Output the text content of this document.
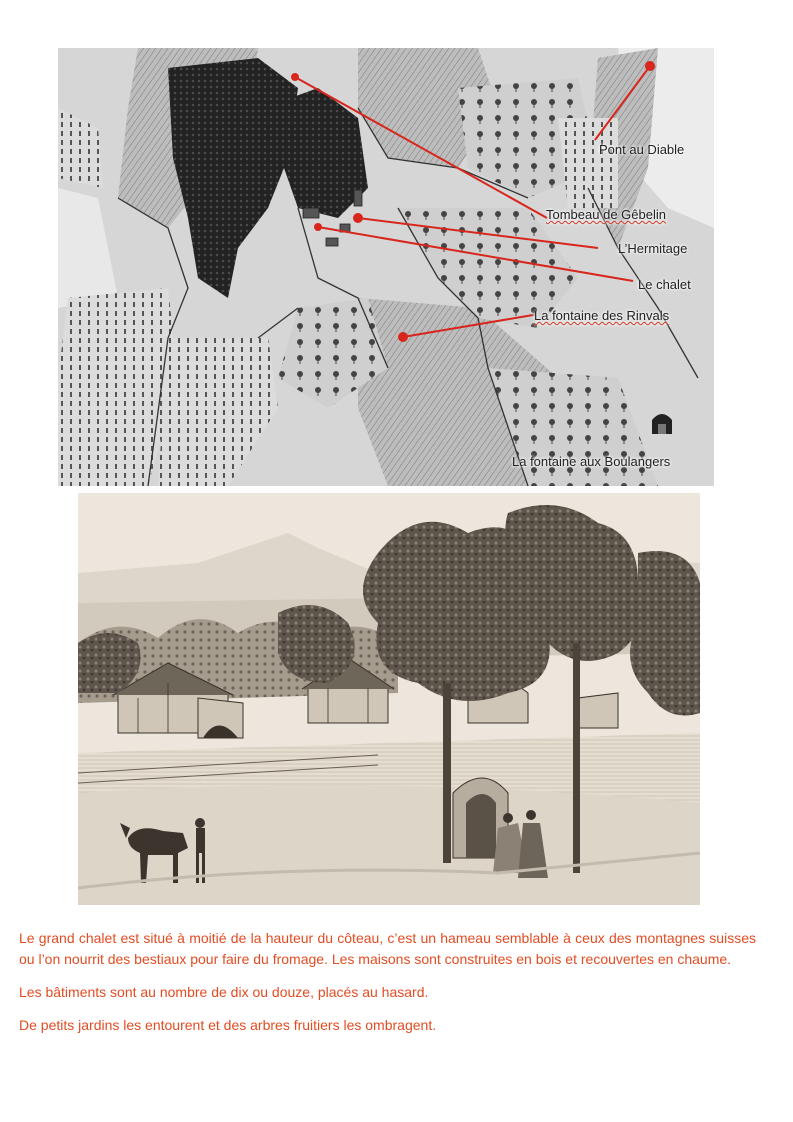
Pont au Diable
Tombeau de Gêbelin
L’Hermitage
Le chalet
La fontaine des Rinvals
La fontaine aux Boulangers

Le grand chalet est situé à moitié de la hauteur du côteau, c’est un hameau semblable à ceux des montagnes suisses ou l’on nourrit des bestiaux pour faire du fromage. Les maisons sont construites en bois et recouvertes en chaume.

Les bâtiments sont au nombre de dix ou douze, placés au hasard.

De petits jardins les entourent et des arbres fruitiers les ombragent.
